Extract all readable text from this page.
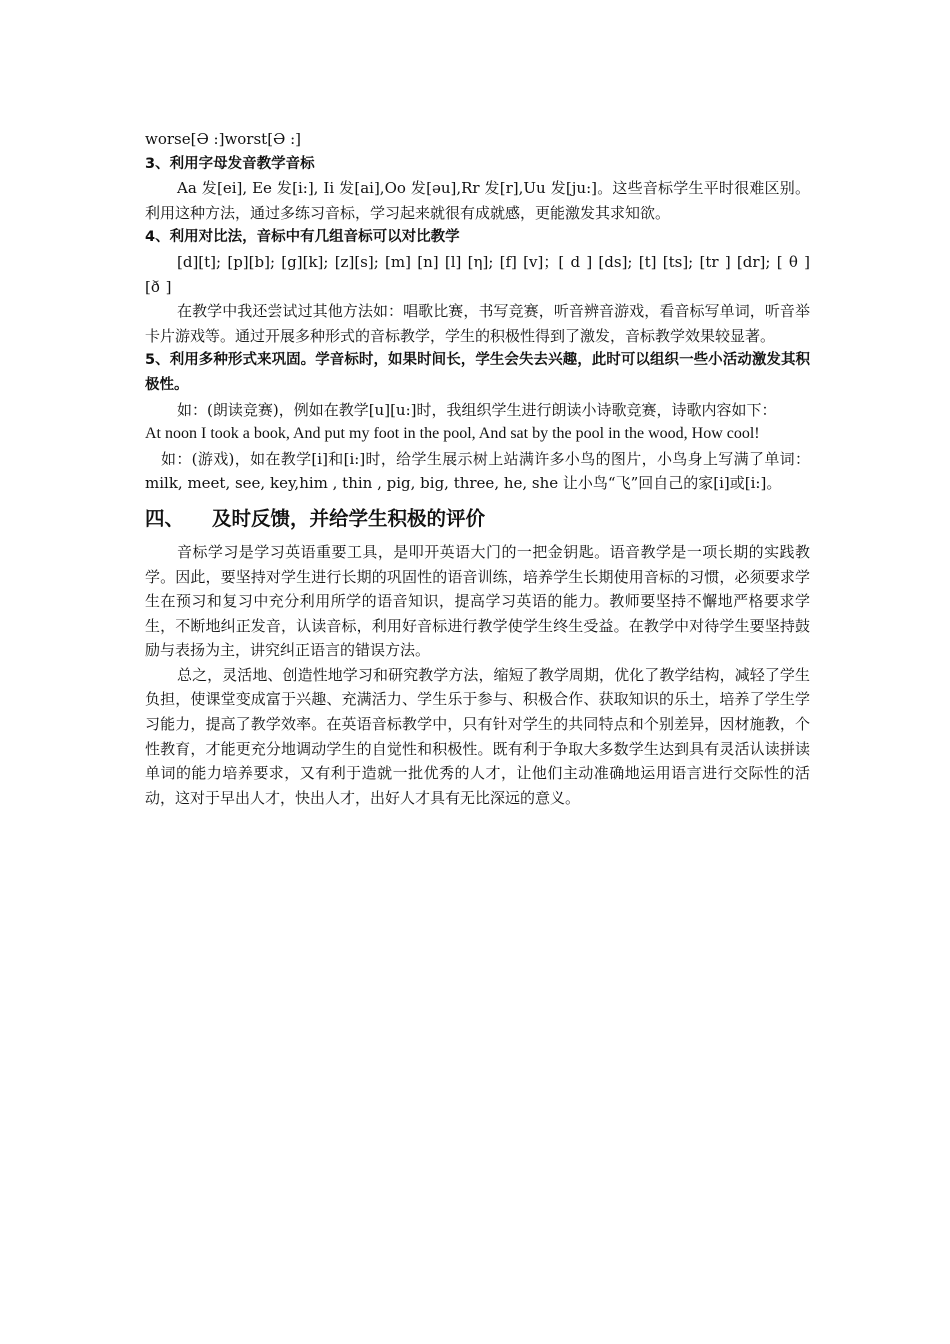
worse[Ә :]worst[Ә :]

3、利用字母发音教学音标

Aa 发[ei], Ee 发[i:], Ii 发[ai],Oo 发[əu],Rr 发[r],Uu 发[ju:]。这些音标学生平时很难区别。利用这种方法，通过多练习音标，学习起来就很有成就感，更能激发其求知欲。

4、利用对比法，音标中有几组音标可以对比教学

[d][t]; [p][b]; [g][k]; [z][s]; [m] [n] [l] [η]; [f] [v]；[ d ] [ds]; [t] [ts]; [tr ] [dr]; [ θ ] [ð ]

在教学中我还尝试过其他方法如：唱歌比赛，书写竞赛，听音辨音游戏，看音标写单词，听音举卡片游戏等。通过开展多种形式的音标教学，学生的积极性得到了激发，音标教学效果较显著。

5、利用多种形式来巩固。学音标时，如果时间长，学生会失去兴趣，此时可以组织一些小活动激发其积极性。

如：(朗读竞赛)，例如在教学[u][u:]时，我组织学生进行朗读小诗歌竞赛，诗歌内容如下：

At noon I took a book, And put my foot in the pool, And sat by the pool in the wood, How cool!

如：(游戏)，如在教学[i]和[i:]时，给学生展示树上站满许多小鸟的图片，小鸟身上写满了单词：milk, meet, see, key,him , thin , pig, big, three, he, she 让小鸟“飞”回自己的家[i]或[i:]。

四、 及时反馈，并给学生积极的评价

音标学习是学习英语重要工具，是叩开英语大门的一把金钥匙。语音教学是一项长期的实践教学。因此，要坚持对学生进行长期的巩固性的语音训练，培养学生长期使用音标的习惯，必须要求学生在预习和复习中充分利用所学的语音知识，提高学习英语的能力。教师要坚持不懈地严格要求学生，不断地纠正发音，认读音标，利用好音标进行教学使学生终生受益。在教学中对待学生要坚持鼓励与表扬为主，讲究纠正语言的错误方法。

总之，灵活地、创造性地学习和研究教学方法，缩短了教学周期，优化了教学结构，减轻了学生负担，使课堂变成富于兴趣、充满活力、学生乐于参与、积极合作、获取知识的乐土，培养了学生学习能力，提高了教学效率。在英语音标教学中，只有针对学生的共同特点和个别差异，因材施教，个性教育，才能更充分地调动学生的自觉性和积极性。既有利于争取大多数学生达到具有灵活认读拼读单词的能力培养要求，又有利于造就一批优秀的人才，让他们主动准确地运用语言进行交际性的活动，这对于早出人才，快出人才，出好人才具有无比深远的意义。
